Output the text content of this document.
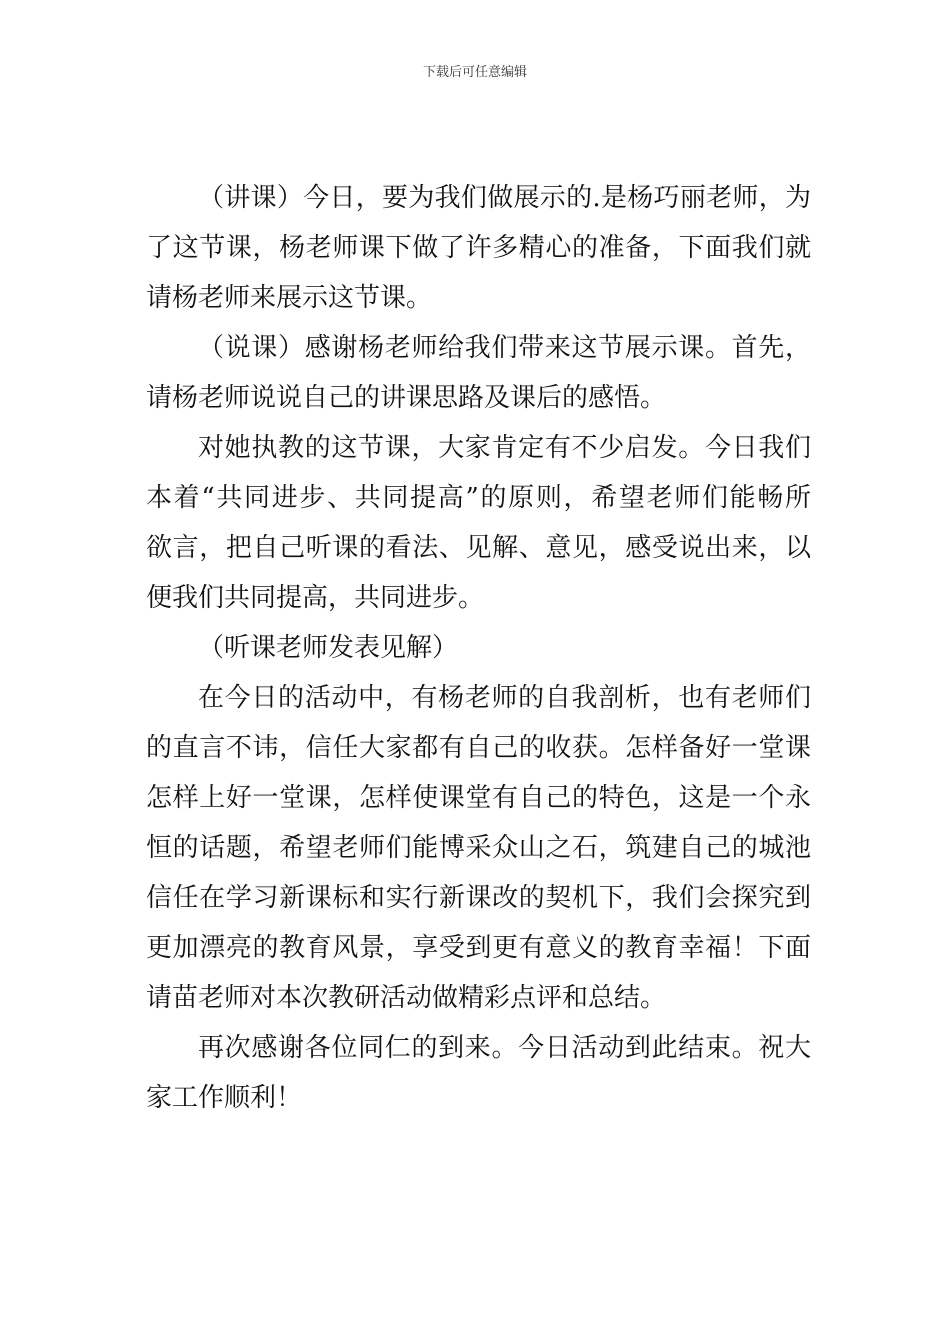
下载后可任意编辑
（讲课）今日，要为我们做展示的.是杨巧丽老师，为
了这节课，杨老师课下做了许多精心的准备，下面我们就
请杨老师来展示这节课。
（说课）感谢杨老师给我们带来这节展示课。首先，
请杨老师说说自己的讲课思路及课后的感悟。
对她执教的这节课，大家肯定有不少启发。今日我们
本着“共同进步、共同提高”的原则，希望老师们能畅所
欲言，把自己听课的看法、见解、意见，感受说出来，以
便我们共同提高，共同进步。
（听课老师发表见解）
在今日的活动中，有杨老师的自我剖析，也有老师们
的直言不讳，信任大家都有自己的收获。怎样备好一堂课
怎样上好一堂课，怎样使课堂有自己的特色，这是一个永
恒的话题，希望老师们能博采众山之石，筑建自己的城池
信任在学习新课标和实行新课改的契机下，我们会探究到
更加漂亮的教育风景，享受到更有意义的教育幸福！下面
请苗老师对本次教研活动做精彩点评和总结。
再次感谢各位同仁的到来。今日活动到此结束。祝大
家工作顺利！
